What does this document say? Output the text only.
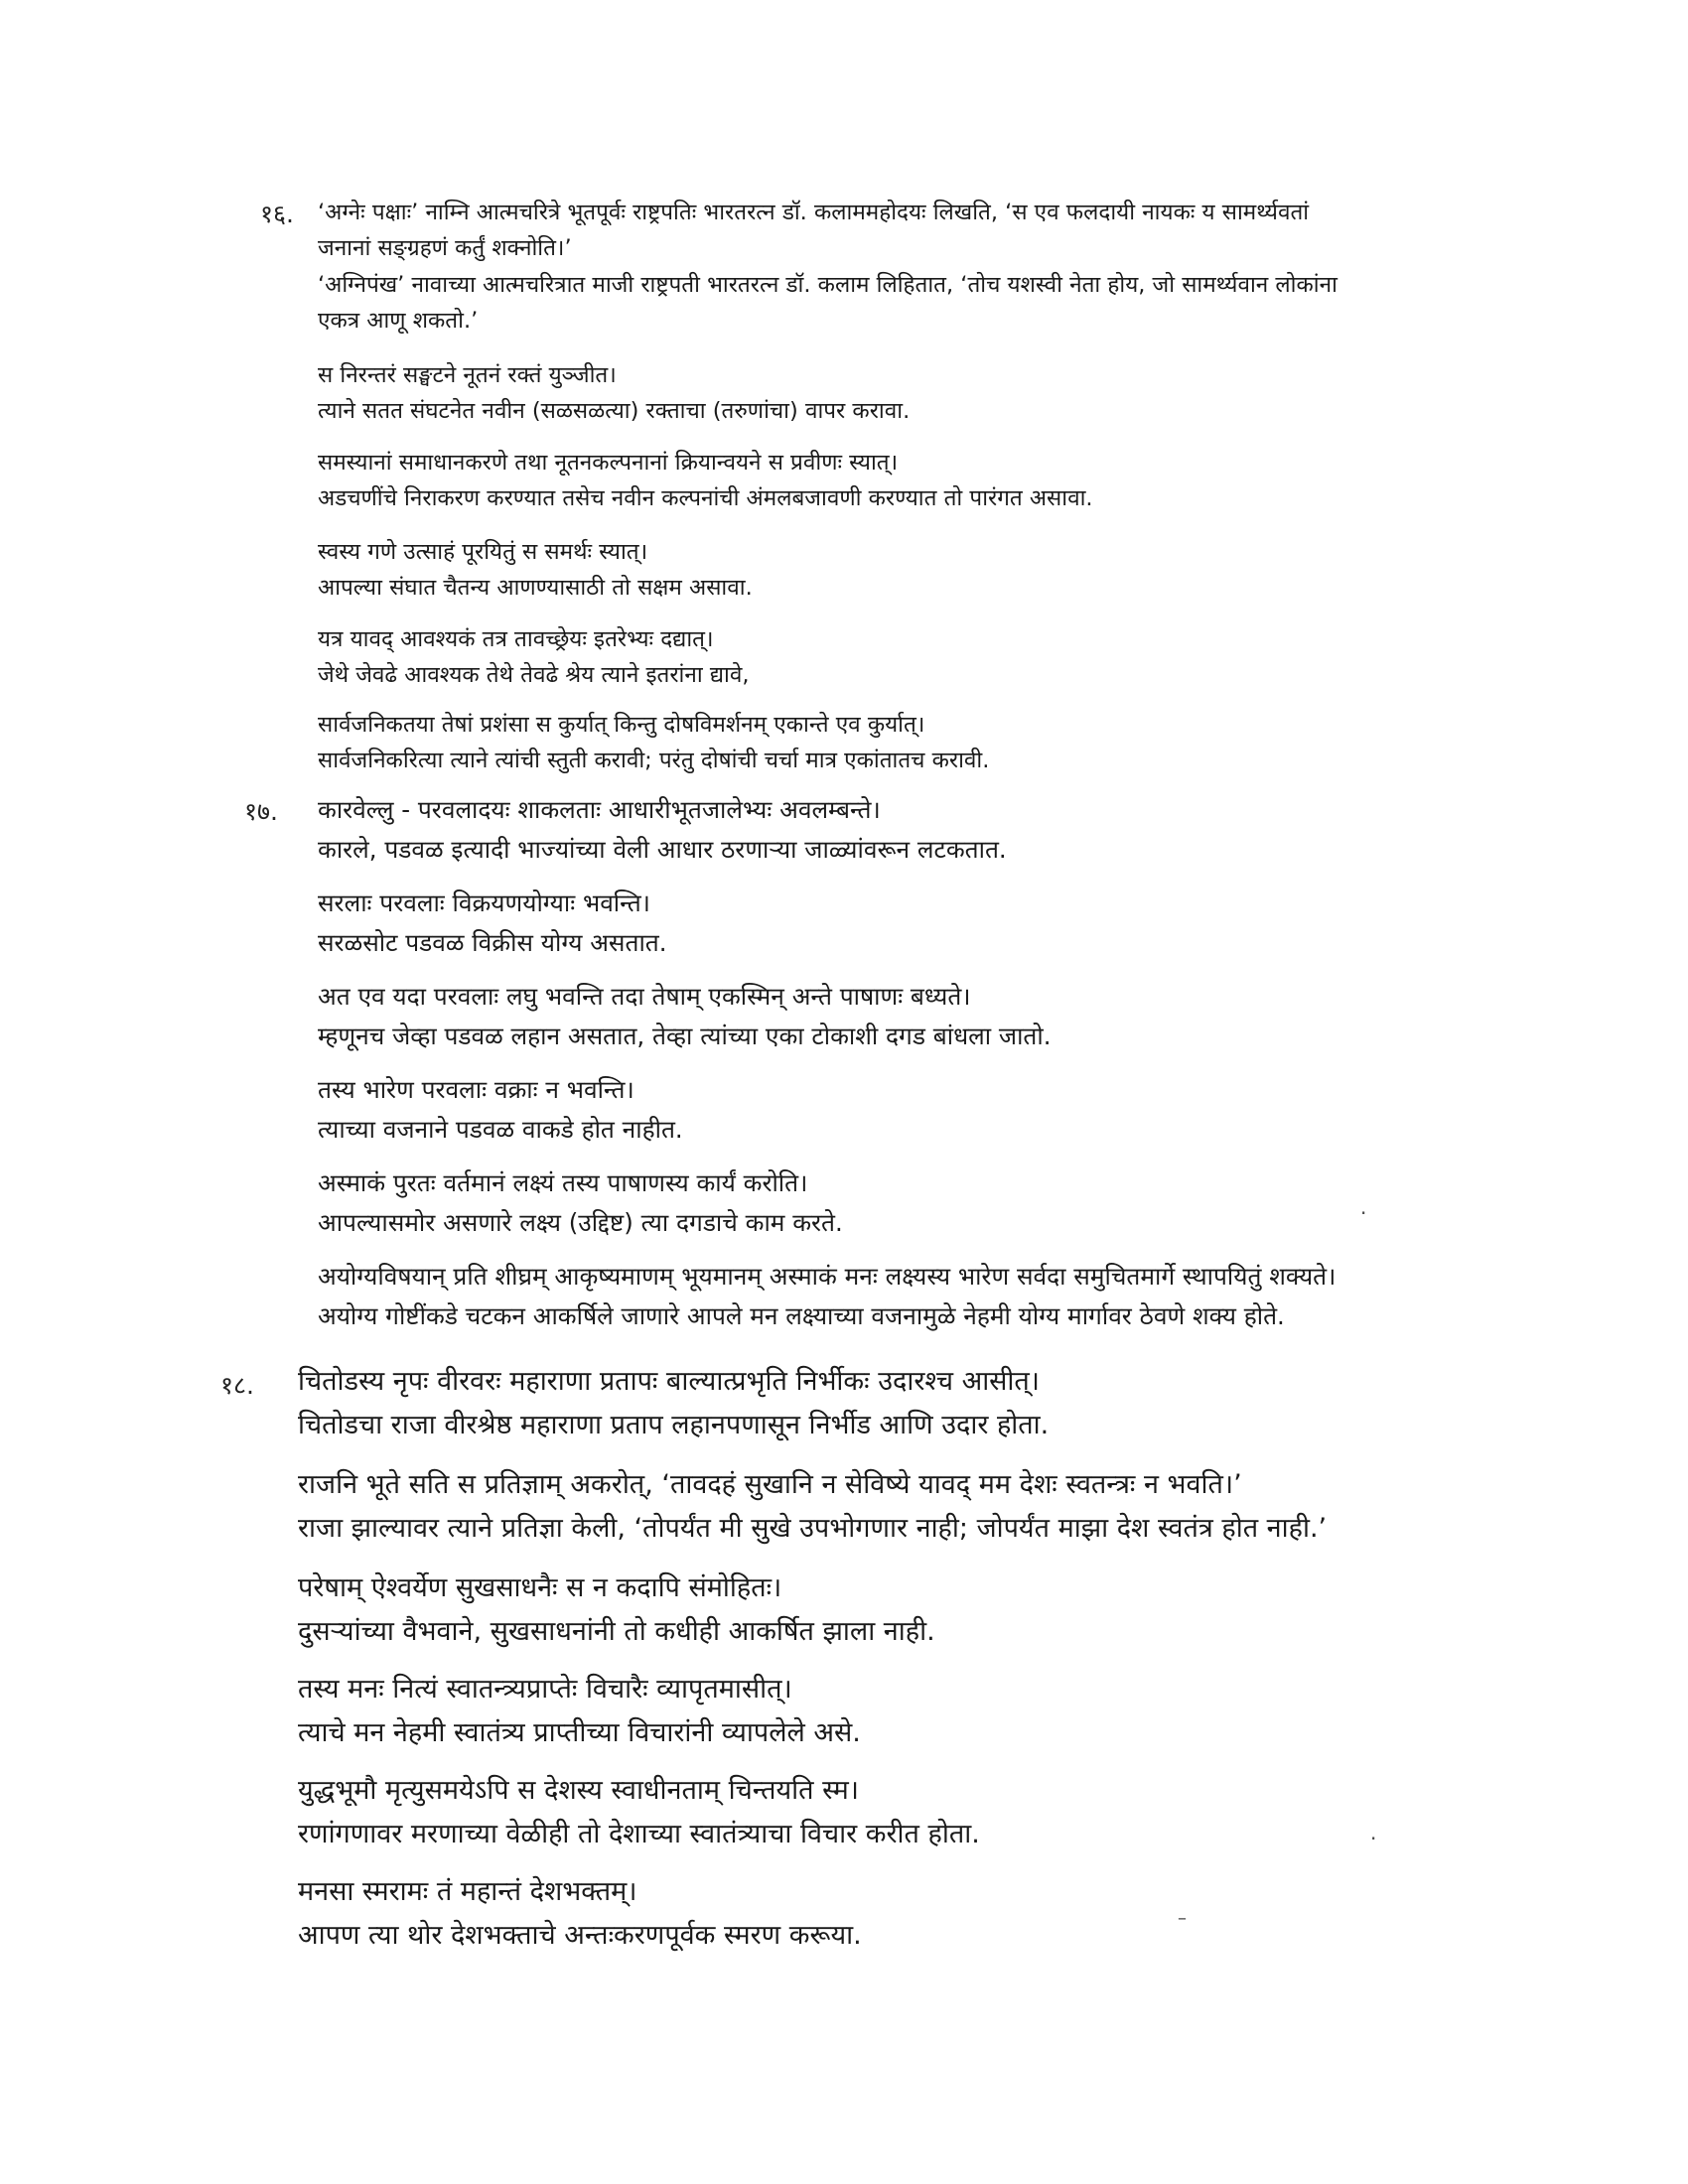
१६. ‘अग्नेः पक्षाः’ नाम्नि आत्मचरित्रे भूतपूर्वः राष्ट्रपतिः भारतरत्न डॉ. कलाममहोदयः लिखति, ‘स एव फलदायी नायकः य सामर्थ्यवतां
जनानां सङ्ग्रहणं कर्तुं शक्नोति।’
‘अग्निपंख’ नावाच्या आत्मचरित्रात माजी राष्ट्रपती भारतरत्न डॉ. कलाम लिहितात, ‘तोच यशस्वी नेता होय, जो सामर्थ्यवान लोकांना
एकत्र आणू शकतो.’
स निरन्तरं सङ्घटने नूतनं रक्तं युञ्जीत।
त्याने सतत संघटनेत नवीन (सळसळत्या) रक्ताचा (तरुणांचा) वापर करावा.
समस्यानां समाधानकरणे तथा नूतनकल्पनानां क्रियान्वयने स प्रवीणः स्यात्।
अडचणींचे निराकरण करण्यात तसेच नवीन कल्पनांची अंमलबजावणी करण्यात तो पारंगत असावा.
स्वस्य गणे उत्साहं पूरयितुं स समर्थः स्यात्।
आपल्या संघात चैतन्य आणण्यासाठी तो सक्षम असावा.
यत्र यावद् आवश्यकं तत्र तावच्छ्रेयः इतरेभ्यः दद्यात्।
जेथे जेवढे आवश्यक तेथे तेवढे श्रेय त्याने इतरांना द्यावे,
सार्वजनिकतया तेषां प्रशंसा स कुर्यात् किन्तु दोषविमर्शनम् एकान्ते एव कुर्यात्।
सार्वजनिकरित्या त्याने त्यांची स्तुती करावी; परंतु दोषांची चर्चा मात्र एकांतातच करावी.
१७. कारवेल्लु - परवलादयः शाकलताः आधारीभूतजालेभ्यः अवलम्बन्ते।
कारले, पडवळ इत्यादी भाज्यांच्या वेली आधार ठरणाऱ्या जाळ्यांवरून लटकतात.
सरलाः परवलाः विक्रयणयोग्याः भवन्ति।
सरळसोट पडवळ विक्रीस योग्य असतात.
अत एव यदा परवलाः लघु भवन्ति तदा तेषाम् एकस्मिन् अन्ते पाषाणः बध्यते।
म्हणूनच जेव्हा पडवळ लहान असतात, तेव्हा त्यांच्या एका टोकाशी दगड बांधला जातो.
तस्य भारेण परवलाः वक्राः न भवन्ति।
त्याच्या वजनाने पडवळ वाकडे होत नाहीत.
अस्माकं पुरतः वर्तमानं लक्ष्यं तस्य पाषाणस्य कार्यं करोति।
आपल्यासमोर असणारे लक्ष्य (उद्दिष्ट) त्या दगडाचे काम करते.
अयोग्यविषयान् प्रति शीघ्रम् आकृष्यमाणम् भूयमानम् अस्माकं मनः लक्ष्यस्य भारेण सर्वदा समुचितमार्गे स्थापयितुं शक्यते।
अयोग्य गोष्टींकडे चटकन आकर्षिले जाणारे आपले मन लक्ष्याच्या वजनामुळे नेहमी योग्य मार्गावर ठेवणे शक्य होते.
१८. चितोडस्य नृपः वीरवरः महाराणा प्रतापः बाल्यात्प्रभृति निर्भीकः उदारश्च आसीत्।
चितोडचा राजा वीरश्रेष्ठ महाराणा प्रताप लहानपणासून निर्भीड आणि उदार होता.
राजनि भूते सति स प्रतिज्ञाम् अकरोत्, ‘तावदहं सुखानि न सेविष्ये यावद् मम देशः स्वतन्त्रः न भवति।’
राजा झाल्यावर त्याने प्रतिज्ञा केली, ‘तोपर्यंत मी सुखे उपभोगणार नाही; जोपर्यंत माझा देश स्वतंत्र होत नाही.’
परेषाम् ऐश्वर्येण सुखसाधनैः स न कदापि संमोहितः।
दुसऱ्यांच्या वैभवाने, सुखसाधनांनी तो कधीही आकर्षित झाला नाही.
तस्य मनः नित्यं स्वातन्त्र्यप्राप्तेः विचारैः व्यापृतमासीत्।
त्याचे मन नेहमी स्वातंत्र्य प्राप्तीच्या विचारांनी व्यापलेले असे.
युद्धभूमौ मृत्युसमयेऽपि स देशस्य स्वाधीनताम् चिन्तयति स्म।
रणांगणावर मरणाच्या वेळीही तो देशाच्या स्वातंत्र्याचा विचार करीत होता.
मनसा स्मरामः तं महान्तं देशभक्तम्।
आपण त्या थोर देशभक्ताचे अन्तःकरणपूर्वक स्मरण करूया.
·
·
–
